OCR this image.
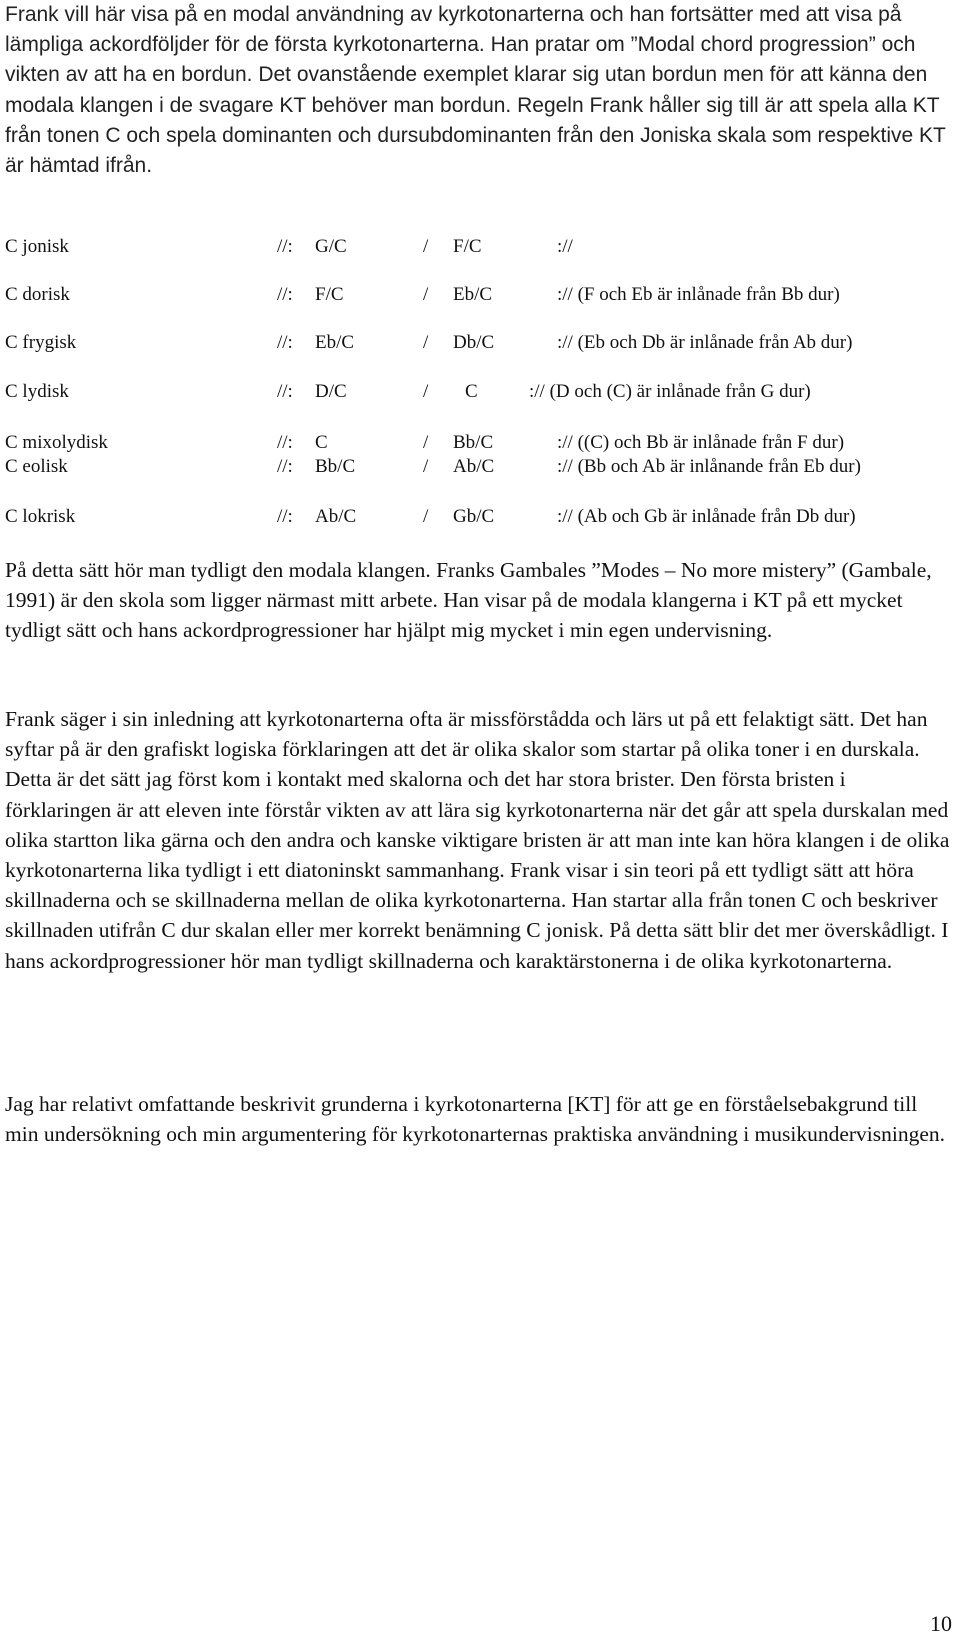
Frank vill här visa på en modal användning av kyrkotonarterna och han fortsätter med att visa på lämpliga ackordföljder för de första kyrkotonarterna. Han pratar om ”Modal chord progression” och vikten av att ha en bordun. Det ovanstående exemplet klarar sig utan bordun men för att känna den modala klangen i de svagare KT behöver man bordun. Regeln Frank håller sig till är att spela alla KT från tonen C och spela dominanten och dursubdominanten från den Joniska skala som respektive KT är hämtad ifrån.

C jonisk	//: G/C	/ F/C	://
C dorisk	//: F/C	/ Eb/C	:// (F och Eb är inlånade från Bb dur)
C frygisk	//: Eb/C	/ Db/C	:// (Eb och Db är inlånade från Ab dur)
C lydisk	//: D/C	/ C	:// (D och (C) är inlånade från G dur)
C mixolydisk	//: C	/ Bb/C	:// ((C) och Bb är inlånade från F dur)
C eolisk	//: Bb/C	/ Ab/C	:// (Bb och Ab är inlånande från Eb dur)
C lokrisk	//: Ab/C	/ Gb/C	:// (Ab och Gb är inlånade från Db dur)

På detta sätt hör man tydligt den modala klangen. Franks Gambales ”Modes – No more mistery” (Gambale, 1991) är den skola som ligger närmast mitt arbete. Han visar på de modala klangerna i KT på ett mycket tydligt sätt och hans ackordprogressioner har hjälpt mig mycket i min egen undervisning.

Frank säger i sin inledning att kyrkotonarterna ofta är missförstådda och lärs ut på ett felaktigt sätt. Det han syftar på är den grafiskt logiska förklaringen att det är olika skalor som startar på olika toner i en durskala. Detta är det sätt jag först kom i kontakt med skalorna och det har stora brister. Den första bristen i förklaringen är att eleven inte förstår vikten av att lära sig kyrkotonarterna när det går att spela durskalan med olika startton lika gärna och den andra och kanske viktigare bristen är att man inte kan höra klangen i de olika kyrkotonarterna lika tydligt i ett diatoninskt sammanhang. Frank visar i sin teori på ett tydligt sätt att höra skillnaderna och se skillnaderna mellan de olika kyrkotonarterna. Han startar alla från tonen C och beskriver skillnaden utifrån C dur skalan eller mer korrekt benämning C jonisk. På detta sätt blir det mer överskådligt. I hans ackordprogressioner hör man tydligt skillnaderna och karaktärstonerna i de olika kyrkotonarterna.

Jag har relativt omfattande beskrivit grunderna i kyrkotonarterna [KT] för att ge en förståelsebakgrund till min undersökning och min argumentering för kyrkotonarternas praktiska användning i musikundervisningen.

10
